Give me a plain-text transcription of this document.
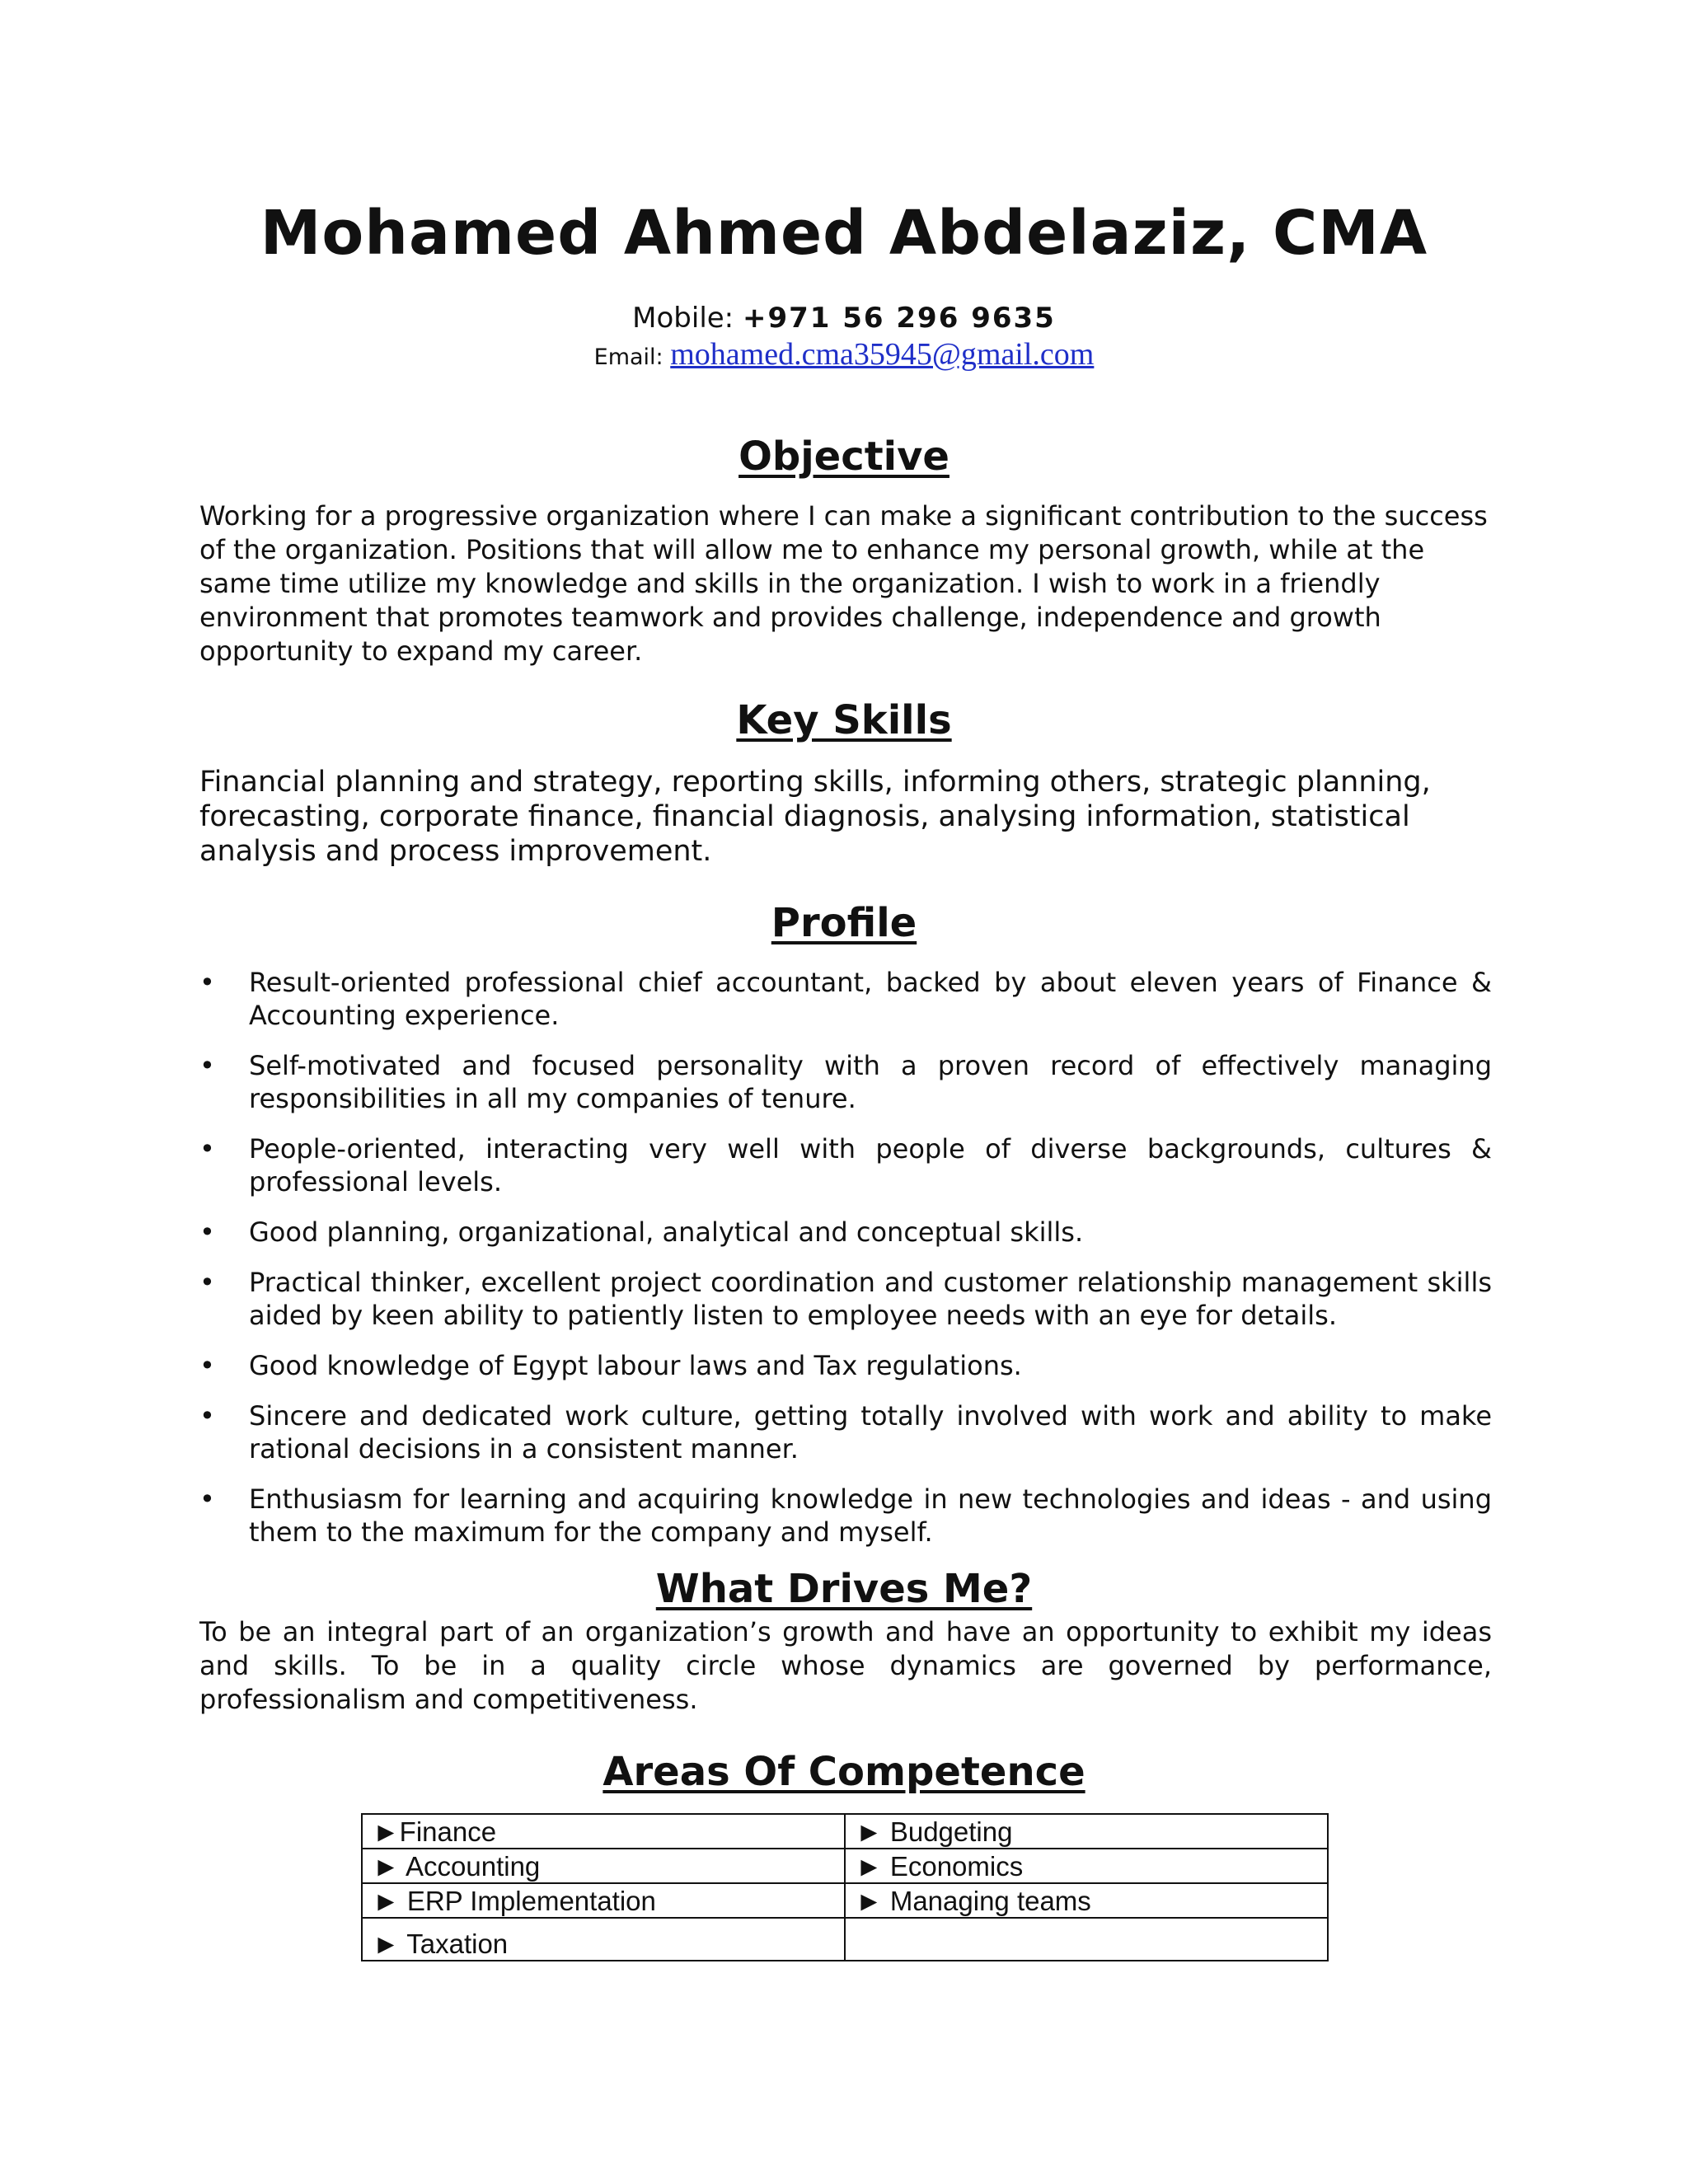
Mohamed Ahmed Abdelaziz, CMA

Mobile: +971 56 296 9635

Email: mohamed.cma35945@gmail.com

Objective

Working for a progressive organization where I can make a significant contribution to the success of the organization. Positions that will allow me to enhance my personal growth, while at the same time utilize my knowledge and skills in the organization. I wish to work in a friendly environment that promotes teamwork and provides challenge, independence and growth opportunity to expand my career.

Key Skills

Financial planning and strategy, reporting skills, informing others, strategic planning, forecasting, corporate finance, financial diagnosis, analysing information, statistical analysis and process improvement.

Profile
• Result-oriented professional chief accountant, backed by about eleven years of Finance & Accounting experience.
• Self-motivated and focused personality with a proven record of effectively managing responsibilities in all my companies of tenure.
• People-oriented, interacting very well with people of diverse backgrounds, cultures & professional levels.
• Good planning, organizational, analytical and conceptual skills.
• Practical thinker, excellent project coordination and customer relationship management skills aided by keen ability to patiently listen to employee needs with an eye for details.
• Good knowledge of Egypt labour laws and Tax regulations.
• Sincere and dedicated work culture, getting totally involved with work and ability to make rational decisions in a consistent manner.
• Enthusiasm for learning and acquiring knowledge in new technologies and ideas - and using them to the maximum for the company and myself.
What Drives Me?

To be an integral part of an organization’s growth and have an opportunity to exhibit my ideas and skills. To be in a quality circle whose dynamics are governed by performance, professionalism and competitiveness.

Areas Of Competence
►Finance	► Budgeting
► Accounting	► Economics
► ERP Implementation	► Managing teams
► Taxation	
